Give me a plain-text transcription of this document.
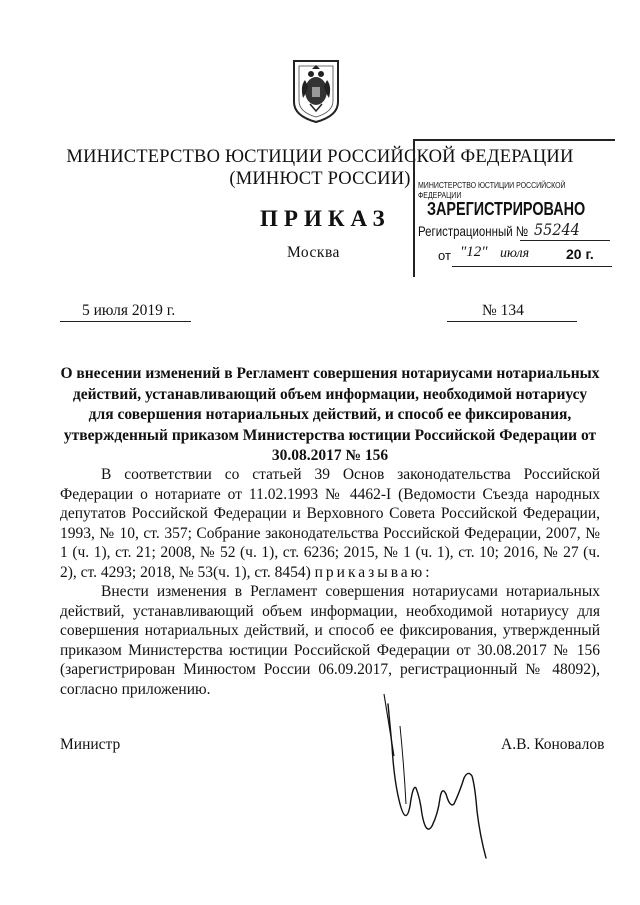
МИНИСТЕРСТВО ЮСТИЦИИ РОССИЙСКОЙ ФЕДЕРАЦИИ
(МИНЮСТ РОССИИ)
ПРИКАЗ
Москва
МИНИСТЕРСТВО ЮСТИЦИИ РОССИЙСКОЙ ФЕДЕРАЦИИ
ЗАРЕГИСТРИРОВАНО
Регистрационный № 55244
от "12" июля	20 г.
5 июля 2019 г.	№ 134
О внесении изменений в Регламент совершения нотариусами нотариальных действий, устанавливающий объем информации, необходимой нотариусу для совершения нотариальных действий, и способ ее фиксирования, утвержденный приказом Министерства юстиции Российской Федерации от 30.08.2017 № 156
В соответствии со статьей 39 Основ законодательства Российской Федерации о нотариате от 11.02.1993 № 4462-I (Ведомости Съезда народных депутатов Российской Федерации и Верховного Совета Российской Федерации, 1993, № 10, ст. 357; Собрание законодательства Российской Федерации, 2007, № 1 (ч. 1), ст. 21; 2008, № 52 (ч. 1), ст. 6236; 2015, № 1 (ч. 1), ст. 10; 2016, № 27 (ч. 2), ст. 4293; 2018, № 53(ч. 1), ст. 8454) приказываю:
Внести изменения в Регламент совершения нотариусами нотариальных действий, устанавливающий объем информации, необходимой нотариусу для совершения нотариальных действий, и способ ее фиксирования, утвержденный приказом Министерства юстиции Российской Федерации от 30.08.2017 № 156 (зарегистрирован Минюстом России 06.09.2017, регистрационный № 48092), согласно приложению.
Министр	А.В. Коновалов
